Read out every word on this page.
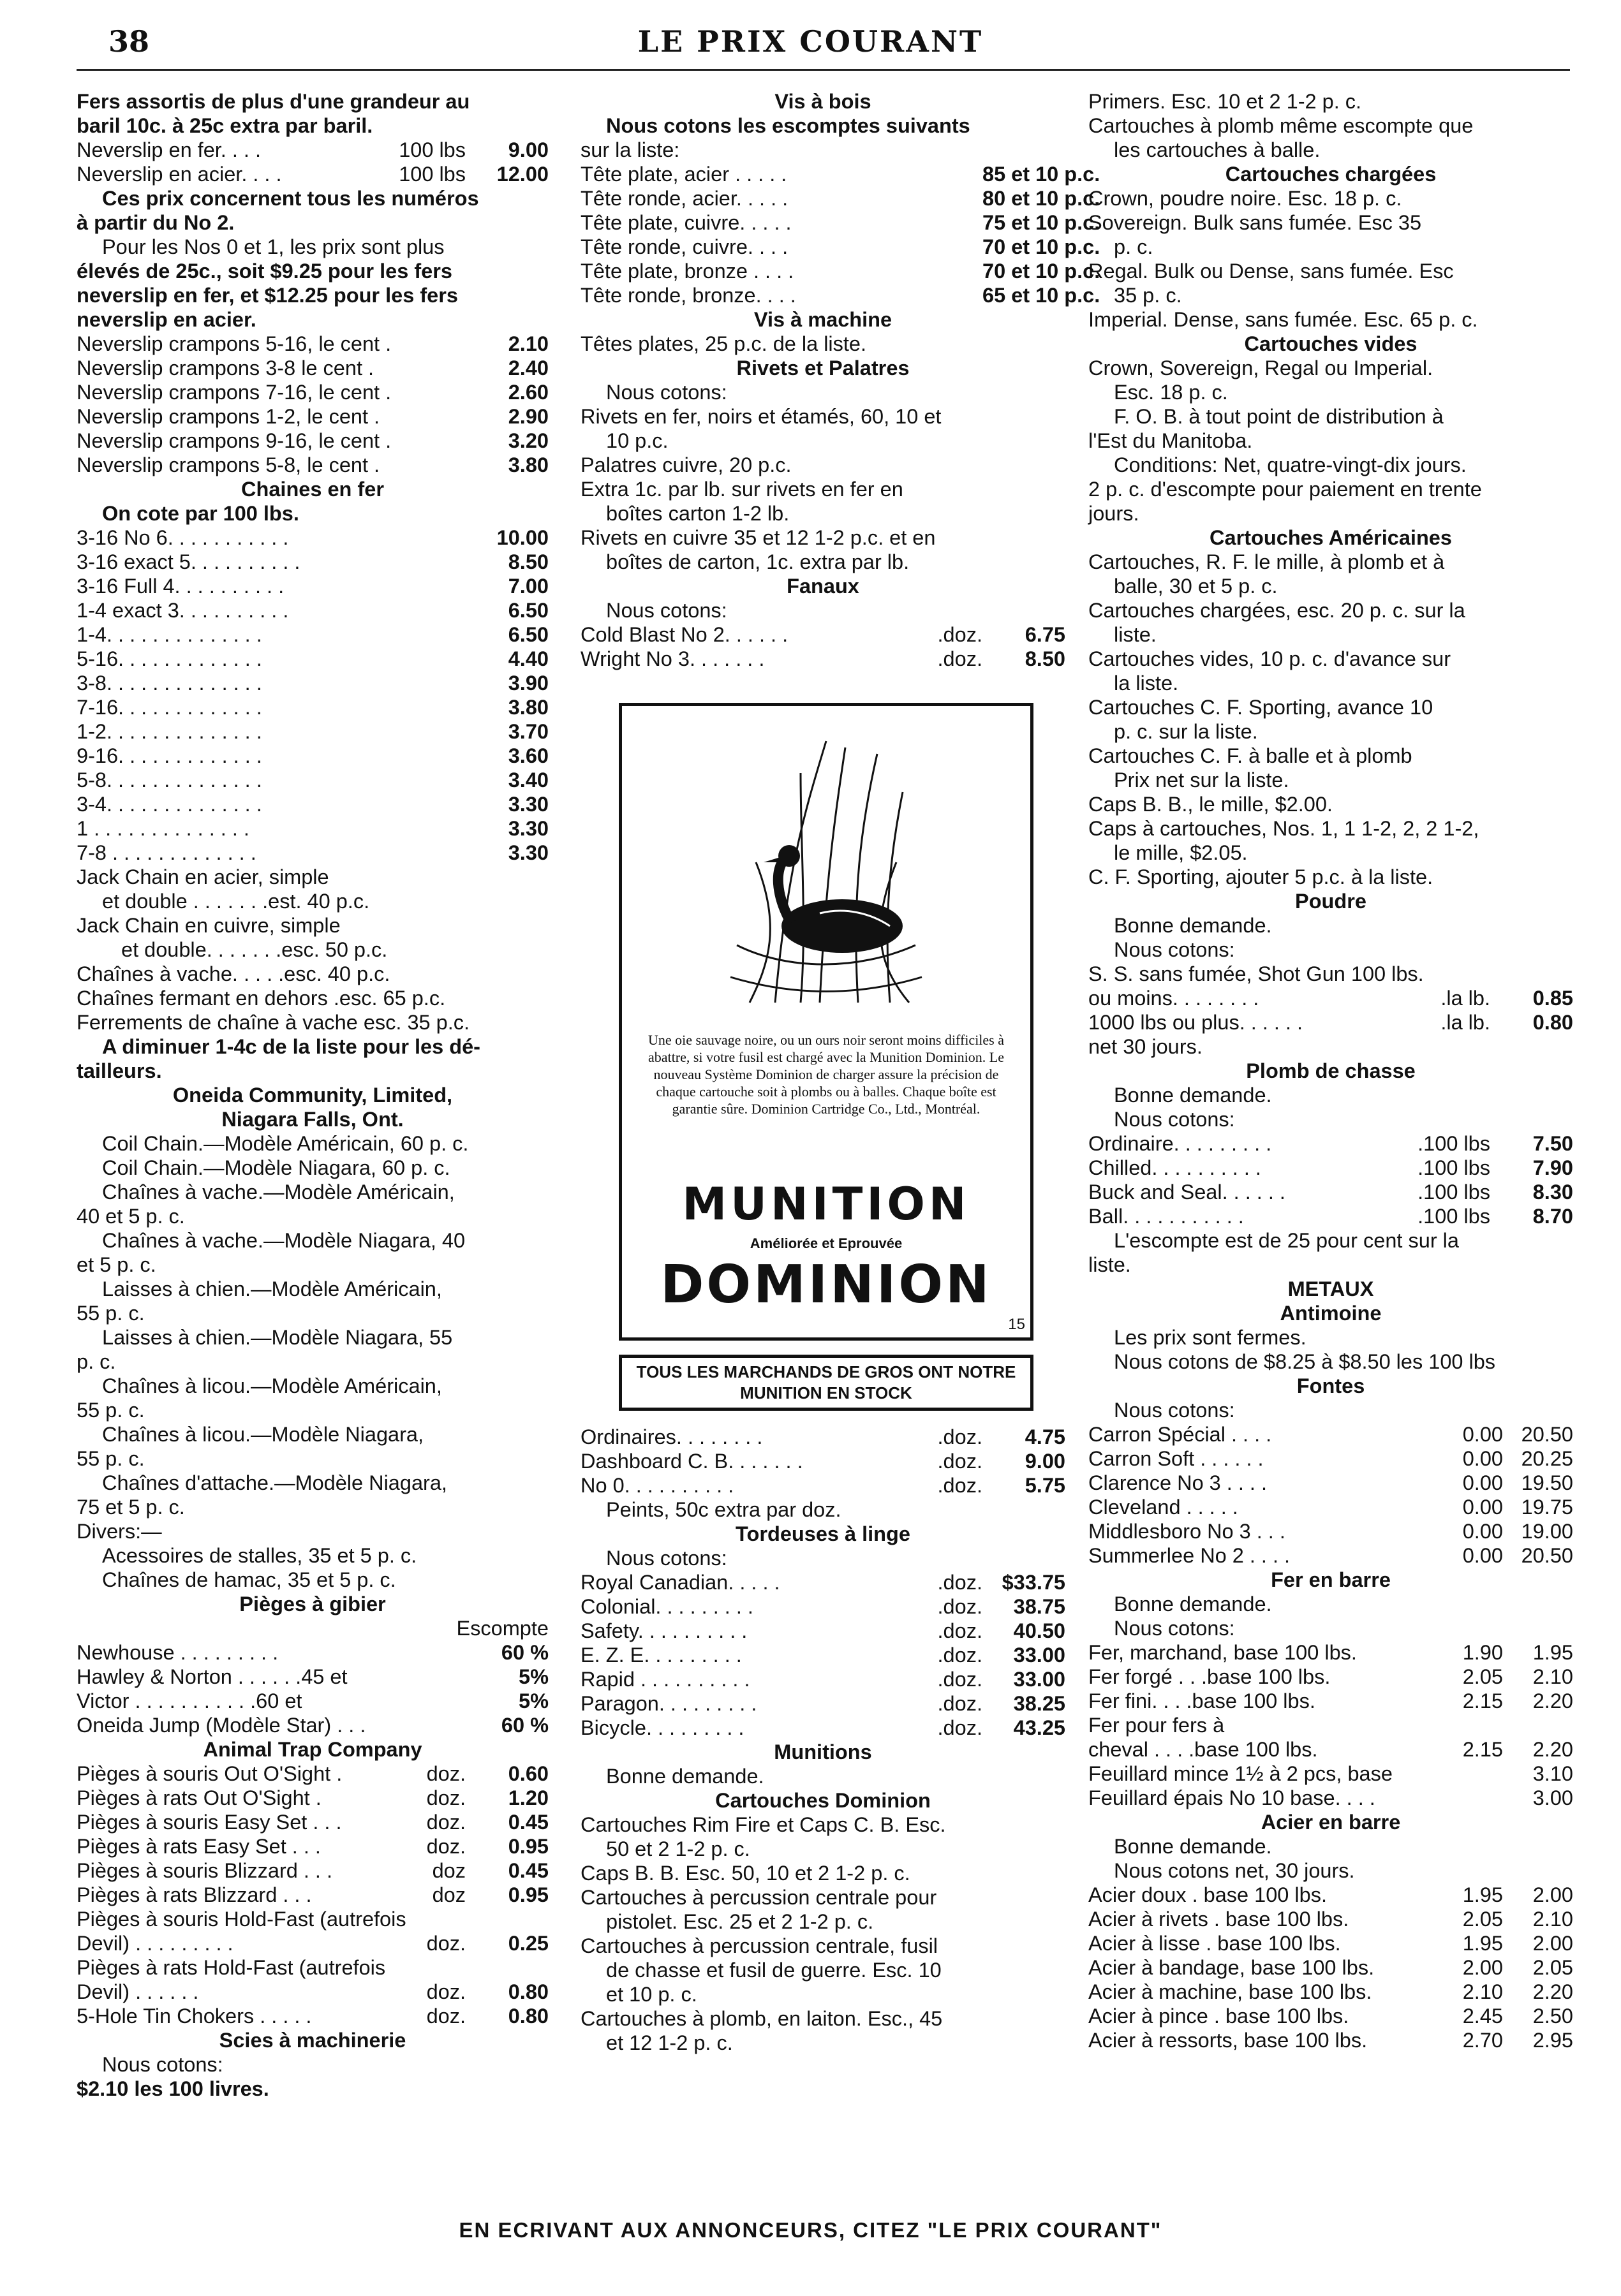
38	LE PRIX COURANT
Fers assortis de plus d'une grandeur au
baril 10c. à 25c extra par baril.
Neverslip en fer. . . .	100 lbs	9.00
Neverslip en acier. . . .	100 lbs	12.00
Ces prix concernent tous les numéros
à partir du No 2.
Pour les Nos 0 et 1, les prix sont plus
élevés de 25c., soit $9.25 pour les fers
neverslip en fer, et $12.25 pour les fers
neverslip en acier.
Neverslip crampons 5-16, le cent .	2.10
Neverslip crampons 3-8 le cent .	2.40
Neverslip crampons 7-16, le cent .	2.60
Neverslip crampons 1-2, le cent .	2.90
Neverslip crampons 9-16, le cent .	3.20
Neverslip crampons 5-8, le cent .	3.80
Chaines en fer
On cote par 100 lbs.
3-16 No 6. . . . . . . . . . .	10.00
3-16 exact 5. . . . . . . . . .	8.50
3-16 Full 4. . . . . . . . . .	7.00
1-4 exact 3. . . . . . . . . .	6.50
1-4. . . . . . . . . . . . . .	6.50
5-16. . . . . . . . . . . . .	4.40
3-8. . . . . . . . . . . . . .	3.90
7-16. . . . . . . . . . . . .	3.80
1-2. . . . . . . . . . . . . .	3.70
9-16. . . . . . . . . . . . .	3.60
5-8. . . . . . . . . . . . . .	3.40
3-4. . . . . . . . . . . . . .	3.30
1 . . . . . . . . . . . . . .	3.30
7-8 . . . . . . . . . . . . .	3.30
Jack Chain en acier, simple
et double . . . . . . .est. 40 p.c.
Jack Chain en cuivre, simple
et double. . . . . . .esc. 50 p.c.
Chaînes à vache. . . . .esc. 40 p.c.
Chaînes fermant en dehors .esc. 65 p.c.
Ferrements de chaîne à vache esc. 35 p.c.
A diminuer 1-4c de la liste pour les dé-
tailleurs.
Oneida Community, Limited,
Niagara Falls, Ont.
Coil Chain.—Modèle Américain, 60 p. c.
Coil Chain.—Modèle Niagara, 60 p. c.
Chaînes à vache.—Modèle Américain,
40 et 5 p. c.
Chaînes à vache.—Modèle Niagara, 40
et 5 p. c.
Laisses à chien.—Modèle Américain,
55 p. c.
Laisses à chien.—Modèle Niagara, 55
p. c.
Chaînes à licou.—Modèle Américain,
55 p. c.
Chaînes à licou.—Modèle Niagara,
55 p. c.
Chaînes d'attache.—Modèle Niagara,
75 et 5 p. c.
Divers:—
Acessoires de stalles, 35 et 5 p. c.
Chaînes de hamac, 35 et 5 p. c.
Pièges à gibier
Escompte
Newhouse . . . . . . . . .	60 %
Hawley & Norton . . . . . .45 et	5%
Victor . . . . . . . . . . .60 et	5%
Oneida Jump (Modèle Star) . . .	60 %
Animal Trap Company
Pièges à souris Out O'Sight .	doz.	0.60
Pièges à rats Out O'Sight .	doz.	1.20
Pièges à souris Easy Set . . .	doz.	0.45
Pièges à rats Easy Set . . .	doz.	0.95
Pièges à souris Blizzard . . .	doz	0.45
Pièges à rats Blizzard . . .	doz	0.95
Pièges à souris Hold-Fast (autrefois
Devil) . . . . . . . . .	doz.	0.25
Pièges à rats Hold-Fast (autrefois
Devil) . . . . . .	doz.	0.80
5-Hole Tin Chokers . . . . .	doz.	0.80
Scies à machinerie
Nous cotons:
$2.10 les 100 livres.
Vis à bois
Nous cotons les escomptes suivants
sur la liste:
Tête plate, acier . . . . .	85 et 10 p.c.
Tête ronde, acier. . . . .	80 et 10 p.c.
Tête plate, cuivre. . . . .	75 et 10 p.c.
Tête ronde, cuivre. . . .	70 et 10 p.c.
Tête plate, bronze . . . .	70 et 10 p.c.
Tête ronde, bronze. . . .	65 et 10 p.c.
Vis à machine
Têtes plates, 25 p.c. de la liste.
Rivets et Palatres
Nous cotons:
Rivets en fer, noirs et étamés, 60, 10 et
10 p.c.
Palatres cuivre, 20 p.c.
Extra 1c. par lb. sur rivets en fer en
boîtes carton 1-2 lb.
Rivets en cuivre 35 et 12 1-2 p.c. et en
boîtes de carton, 1c. extra par lb.
Fanaux
Nous cotons:
Cold Blast No 2. . . . . .	.doz.	6.75
Wright No 3. . . . . . .	.doz.	8.50
Une oie sauvage noire, ou un ours noir seront moins difficiles à abattre, si votre fusil est chargé avec la Munition Dominion. Le nouveau Système Dominion de charger assure la précision de chaque cartouche soit à plombs ou à balles. Chaque boîte est garantie sûre. Dominion Cartridge Co., Ltd., Montréal.
MUNITION
Améliorée et Eprouvée
DOMINION
15
TOUS LES MARCHANDS DE GROS ONT NOTRE
MUNITION EN STOCK
Ordinaires. . . . . . . .	.doz.	4.75
Dashboard C. B. . . . . . .	.doz.	9.00
No 0. . . . . . . . . .	.doz.	5.75
Peints, 50c extra par doz.
Tordeuses à linge
Nous cotons:
Royal Canadian. . . . .	.doz. $33.75
Colonial. . . . . . . . .	.doz.	38.75
Safety. . . . . . . . . .	.doz.	40.50
E. Z. E. . . . . . . . .	.doz.	33.00
Rapid . . . . . . . . . .	.doz.	33.00
Paragon. . . . . . . . .	.doz.	38.25
Bicycle. . . . . . . . .	.doz.	43.25
Munitions
Bonne demande.
Cartouches Dominion
Cartouches Rim Fire et Caps C. B. Esc.
50 et 2 1-2 p. c.
Caps B. B. Esc. 50, 10 et 2 1-2 p. c.
Cartouches à percussion centrale pour
pistolet. Esc. 25 et 2 1-2 p. c.
Cartouches à percussion centrale, fusil
de chasse et fusil de guerre. Esc. 10
et 10 p. c.
Cartouches à plomb, en laiton. Esc., 45
et 12 1-2 p. c.
Primers. Esc. 10 et 2 1-2 p. c.
Cartouches à plomb même escompte que
les cartouches à balle.
Cartouches chargées
Crown, poudre noire. Esc. 18 p. c.
Sovereign. Bulk sans fumée. Esc 35
p. c.
Regal. Bulk ou Dense, sans fumée. Esc
35 p. c.
Imperial. Dense, sans fumée. Esc. 65 p. c.
Cartouches vides
Crown, Sovereign, Regal ou Imperial.
Esc. 18 p. c.
F. O. B. à tout point de distribution à
l'Est du Manitoba.
Conditions: Net, quatre-vingt-dix jours.
2 p. c. d'escompte pour paiement en trente
jours.
Cartouches Américaines
Cartouches, R. F. le mille, à plomb et à
balle, 30 et 5 p. c.
Cartouches chargées, esc. 20 p. c. sur la
liste.
Cartouches vides, 10 p. c. d'avance sur
la liste.
Cartouches C. F. Sporting, avance 10
p. c. sur la liste.
Cartouches C. F. à balle et à plomb
Prix net sur la liste.
Caps B. B., le mille, $2.00.
Caps à cartouches, Nos. 1, 1 1-2, 2, 2 1-2,
le mille, $2.05.
C. F. Sporting, ajouter 5 p.c. à la liste.
Poudre
Bonne demande.
Nous cotons:
S. S. sans fumée, Shot Gun 100 lbs.
ou moins. . . . . . . .	.la lb.	0.85
1000 lbs ou plus. . . . . .	.la lb.	0.80
net 30 jours.
Plomb de chasse
Bonne demande.
Nous cotons:
Ordinaire. . . . . . . . .	.100 lbs	7.50
Chilled. . . . . . . . . .	.100 lbs	7.90
Buck and Seal. . . . . .	.100 lbs	8.30
Ball. . . . . . . . . . .	.100 lbs	8.70
L'escompte est de 25 pour cent sur la
liste.
METAUX
Antimoine
Les prix sont fermes.
Nous cotons de $8.25 à $8.50 les 100 lbs
Fontes
Nous cotons:
Carron Spécial . . . .	0.00 20.50
Carron Soft . . . . . .	0.00 20.25
Clarence No 3 . . . .	0.00 19.50
Cleveland . . . . .	0.00 19.75
Middlesboro No 3 . . .	0.00 19.00
Summerlee No 2 . . . .	0.00 20.50
Fer en barre
Bonne demande.
Nous cotons:
Fer, marchand, base 100 lbs.	1.90	1.95
Fer forgé . . .base 100 lbs.	2.05	2.10
Fer fini. . . .base 100 lbs.	2.15	2.20
Fer pour fers à
cheval . . . .base 100 lbs.	2.15	2.20
Feuillard mince 1½ à 2 pcs, base	3.10
Feuillard épais No 10 base. . . .	3.00
Acier en barre
Bonne demande.
Nous cotons net, 30 jours.
Acier doux . base 100 lbs.	1.95	2.00
Acier à rivets . base 100 lbs.	2.05	2.10
Acier à lisse . base 100 lbs.	1.95	2.00
Acier à bandage, base 100 lbs.	2.00	2.05
Acier à machine, base 100 lbs.	2.10	2.20
Acier à pince . base 100 lbs.	2.45	2.50
Acier à ressorts, base 100 lbs.	2.70	2.95
EN ECRIVANT AUX ANNONCEURS, CITEZ "LE PRIX COURANT"
